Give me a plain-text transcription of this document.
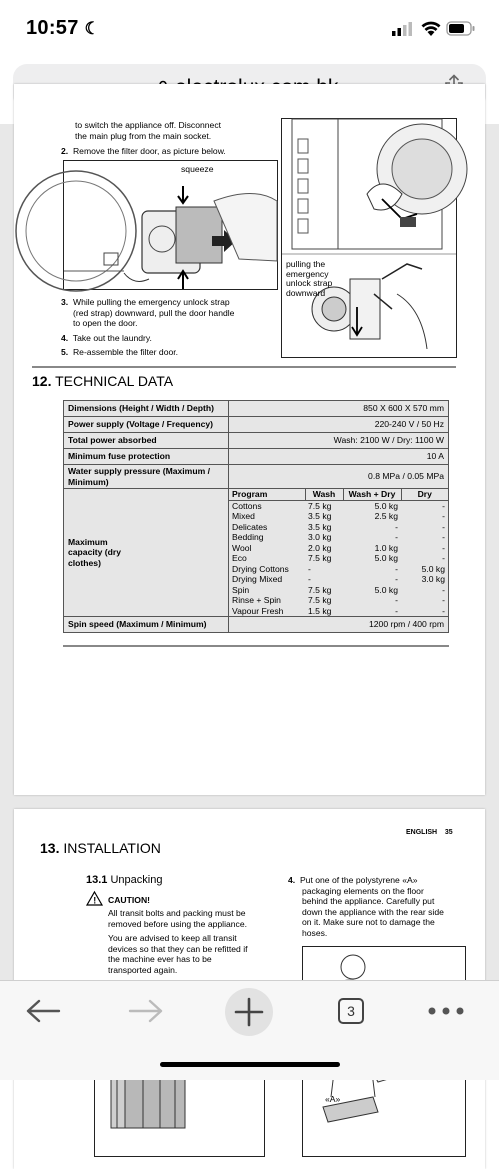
10:57 ☾
to switch the appliance off. Disconnect
the main plug from the main socket.
2. Remove the filter door, as picture below.
squeeze
pulling the
emergency
unlock strap
downward
3. While pulling the emergency unlock strap
(red strap) downward, pull the door handle
to open the door.
4. Take out the laundry.
5. Re-assemble the filter door.
12. TECHNICAL DATA
Dimensions (Height / Width / Depth)	850 X 600 X 570 mm
Power supply (Voltage / Frequency)	220-240 V / 50 Hz
Total power absorbed	Wash: 2100 W / Dry: 1100 W
Minimum fuse protection	10 A
Water supply pressure (Maximum / Minimum)	0.8 MPa / 0.05 MPa

Maximum capacity (dry clothes)

Program	Wash	Wash + Dry	Dry
Cottons	7.5 kg	5.0 kg	-
Mixed	3.5 kg	2.5 kg	-
Delicates	3.5 kg	-	-
Bedding	3.0 kg	-	-
Wool	2.0 kg	1.0 kg	-
Eco	7.5 kg	5.0 kg	-
Drying Cottons	-	-	5.0 kg
Drying Mixed	-	-	3.0 kg
Spin	7.5 kg	5.0 kg	-
Rinse + Spin	7.5 kg	-	-
Vapour Fresh	1.5 kg	-	-

Spin speed (Maximum / Minimum)	1200 rpm / 400 rpm
ENGLISH 35
13. INSTALLATION
13.1 Unpacking
! CAUTION!
All transit bolts and packing must be
removed before using the appliance.
You are advised to keep all transit
devices so that they can be refitted if
the machine ever has to be
transported again.

4. Put one of the polystyrene «A»
packaging elements on the floor
behind the appliance. Carefully put
down the appliance with the rear side
on it. Make sure not to damage the
hoses.
«A»
3
